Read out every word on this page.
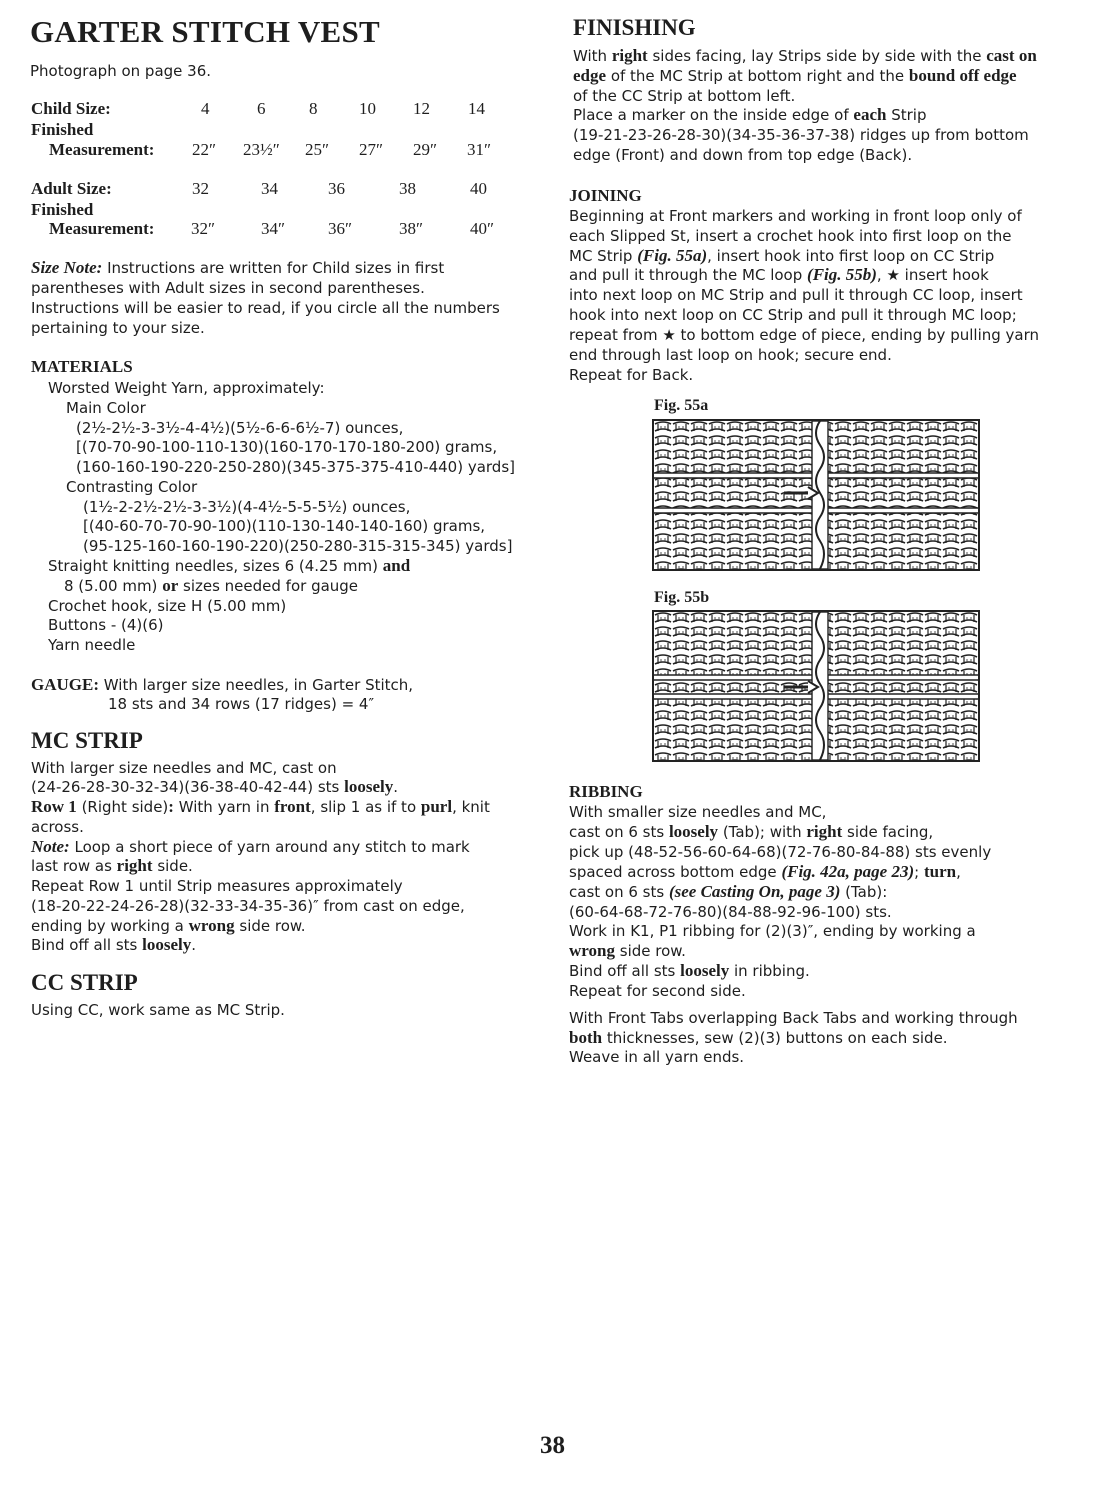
GARTER STITCH VEST
Photograph on page 36.
Child Size:	4	6	8 10 12 14
Finished
Measurement: 22″ 23½″ 25″ 27″ 29″ 31″
Adult Size:	32	34	36	38	40
Finished
Measurement: 32″	34″	36″	38″	40″
Size Note: Instructions are written for Child sizes in first
parentheses with Adult sizes in second parentheses.
Instructions will be easier to read, if you circle all the numbers
pertaining to your size.
MATERIALS
Worsted Weight Yarn, approximately:
Main Color
(2½-2½-3-3½-4-4½)(5½-6-6-6½-7) ounces,
[(70-70-90-100-110-130)(160-170-170-180-200) grams,
(160-160-190-220-250-280)(345-375-375-410-440) yards]
Contrasting Color
(1½-2-2½-2½-3-3½)(4-4½-5-5-5½) ounces,
[(40-60-70-70-90-100)(110-130-140-140-160) grams,
(95-125-160-160-190-220)(250-280-315-315-345) yards]
Straight knitting needles, sizes 6 (4.25 mm) and
8 (5.00 mm) or sizes needed for gauge
Crochet hook, size H (5.00 mm)
Buttons - (4)(6)
Yarn needle
GAUGE: With larger size needles, in Garter Stitch,
18 sts and 34 rows (17 ridges) = 4″
MC STRIP
With larger size needles and MC, cast on
(24-26-28-30-32-34)(36-38-40-42-44) sts loosely.
Row 1 (Right side): With yarn in front, slip 1 as if to purl, knit
across.
Note: Loop a short piece of yarn around any stitch to mark
last row as right side.
Repeat Row 1 until Strip measures approximately
(18-20-22-24-26-28)(32-33-34-35-36)″ from cast on edge,
ending by working a wrong side row.
Bind off all sts loosely.
CC STRIP
Using CC, work same as MC Strip.
FINISHING
With right sides facing, lay Strips side by side with the cast on
edge of the MC Strip at bottom right and the bound off edge
of the CC Strip at bottom left.
Place a marker on the inside edge of each Strip
(19-21-23-26-28-30)(34-35-36-37-38) ridges up from bottom
edge (Front) and down from top edge (Back).
JOINING
Beginning at Front markers and working in front loop only of
each Slipped St, insert a crochet hook into first loop on the
MC Strip (Fig. 55a), insert hook into first loop on CC Strip
and pull it through the MC loop (Fig. 55b), ★ insert hook
into next loop on MC Strip and pull it through CC loop, insert
hook into next loop on CC Strip and pull it through MC loop;
repeat from ★ to bottom edge of piece, ending by pulling yarn
end through last loop on hook; secure end.
Repeat for Back.
Fig. 55a
Fig. 55b
RIBBING
With smaller size needles and MC,
cast on 6 sts loosely (Tab); with right side facing,
pick up (48-52-56-60-64-68)(72-76-80-84-88) sts evenly
spaced across bottom edge (Fig. 42a, page 23); turn,
cast on 6 sts (see Casting On, page 3) (Tab):
(60-64-68-72-76-80)(84-88-92-96-100) sts.
Work in K1, P1 ribbing for (2)(3)″, ending by working a
wrong side row.
Bind off all sts loosely in ribbing.
Repeat for second side.
With Front Tabs overlapping Back Tabs and working through
both thicknesses, sew (2)(3) buttons on each side.
Weave in all yarn ends.
38
